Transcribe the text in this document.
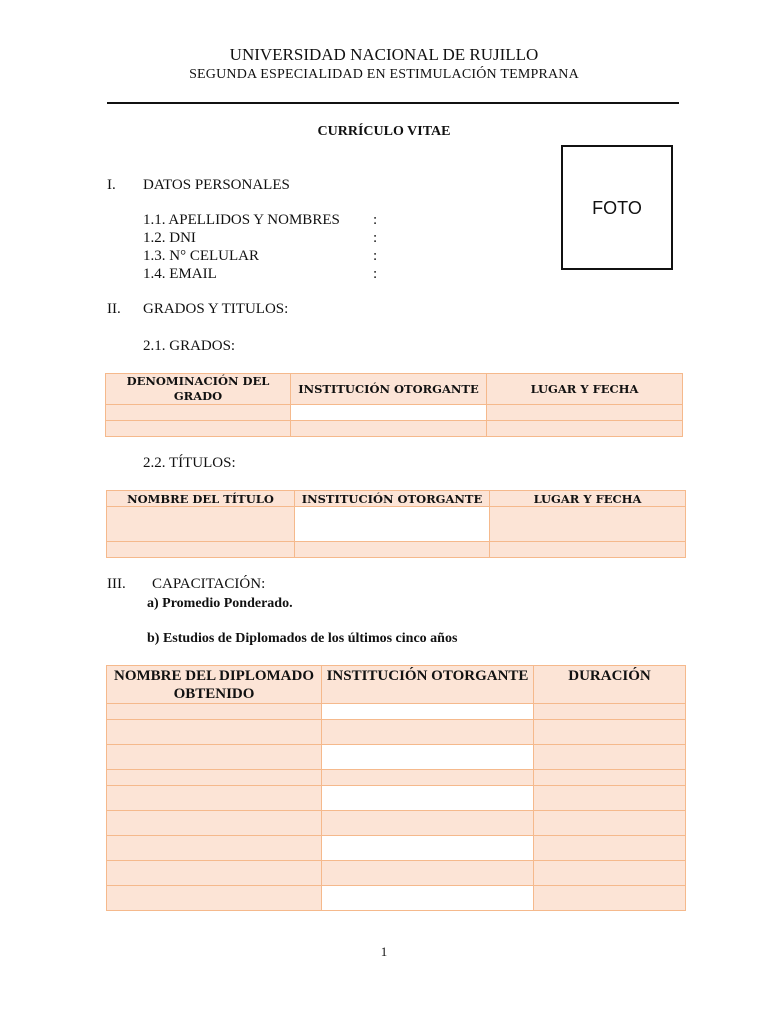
UNIVERSIDAD NACIONAL DE RUJILLO
SEGUNDA ESPECIALIDAD EN ESTIMULACIÓN TEMPRANA
CURRÍCULO VITAE
FOTO
I. DATOS PERSONALES
1.1. APELLIDOS Y NOMBRES :
1.2. DNI	:
1.3. N° CELULAR	:
1.4. EMAIL	:
II. GRADOS Y TITULOS:
2.1. GRADOS:
DENOMINACIÓN DEL GRADO	INSTITUCIÓN OTORGANTE	LUGAR Y FECHA

2.2. TÍTULOS:
NOMBRE DEL TÍTULO	INSTITUCIÓN OTORGANTE	LUGAR Y FECHA

III. CAPACITACIÓN:
a) Promedio Ponderado.
b) Estudios de Diplomados de los últimos cinco años
NOMBRE DEL DIPLOMADO OBTENIDO	INSTITUCIÓN OTORGANTE	DURACIÓN

1
